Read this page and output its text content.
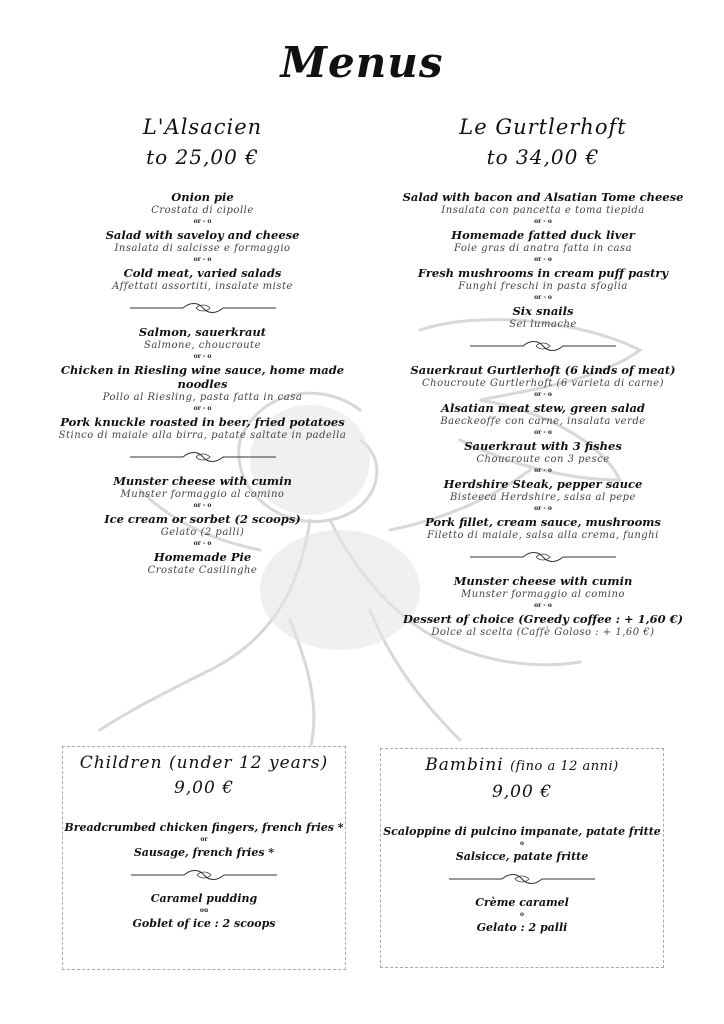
Menus
L'Alsacien
to 25,00 €
Onion pie
Crostata di cipolle
or - o
Salad with saveloy and cheese
Insalata di salcisse e formaggio
or - o
Cold meat, varied salads
Affettati assortiti, insalate miste
Salmon, sauerkraut
Salmone, choucroute
or - o
Chicken in Riesling wine sauce, home made noodles
Pollo al Riesling, pasta fatta in casa
or - o
Pork knuckle roasted in beer, fried potatoes
Stinco di maiale alla birra, patate saltate in padella
Munster cheese with cumin
Munster formaggio al comino
or - o
Ice cream or sorbet (2 scoops)
Gelato (2 palli)
or - o
Homemade Pie
Crostate Casilinghe
Le Gurtlerhoft
to 34,00 €
Salad with bacon and Alsatian Tome cheese
Insalata con pancetta e toma tiepida
or - o
Homemade fatted duck liver
Foie gras di anatra fatta in casa
or - o
Fresh mushrooms in cream puff pastry
Funghi freschi in pasta sfoglia
or - o
Six snails
Sei lumache
Sauerkraut Gurtlerhoft (6 kinds of meat)
Choucroute Gurtlerhoft (6 varieta di carne)
or - o
Alsatian meat stew, green salad
Baeckeoffe con carne, insalata verde
or - o
Sauerkraut with 3 fishes
Choucroute con 3 pesce
or - o
Herdshire Steak, pepper sauce
Bisteeca Herdshire, salsa al pepe
or - o
Pork fillet, cream sauce, mushrooms
Filetto di maiale, salsa alla crema, funghi
Munster cheese with cumin
Munster formaggio al comino
or - o
Dessert of choice (Greedy coffee : + 1,60 €)
Dolce al scelta (Caffè Goloso : + 1,60 €)
Children (under 12 years)
9,00 €
Breadcrumbed chicken fingers, french fries *
or
Sausage, french fries *
Caramel pudding
ou
Goblet of ice : 2 scoops
Bambini (fino a 12 anni)
9,00 €
Scaloppine di pulcino impanate, patate fritte
o
Salsicce, patate fritte
Crème caramel
o
Gelato : 2 palli
